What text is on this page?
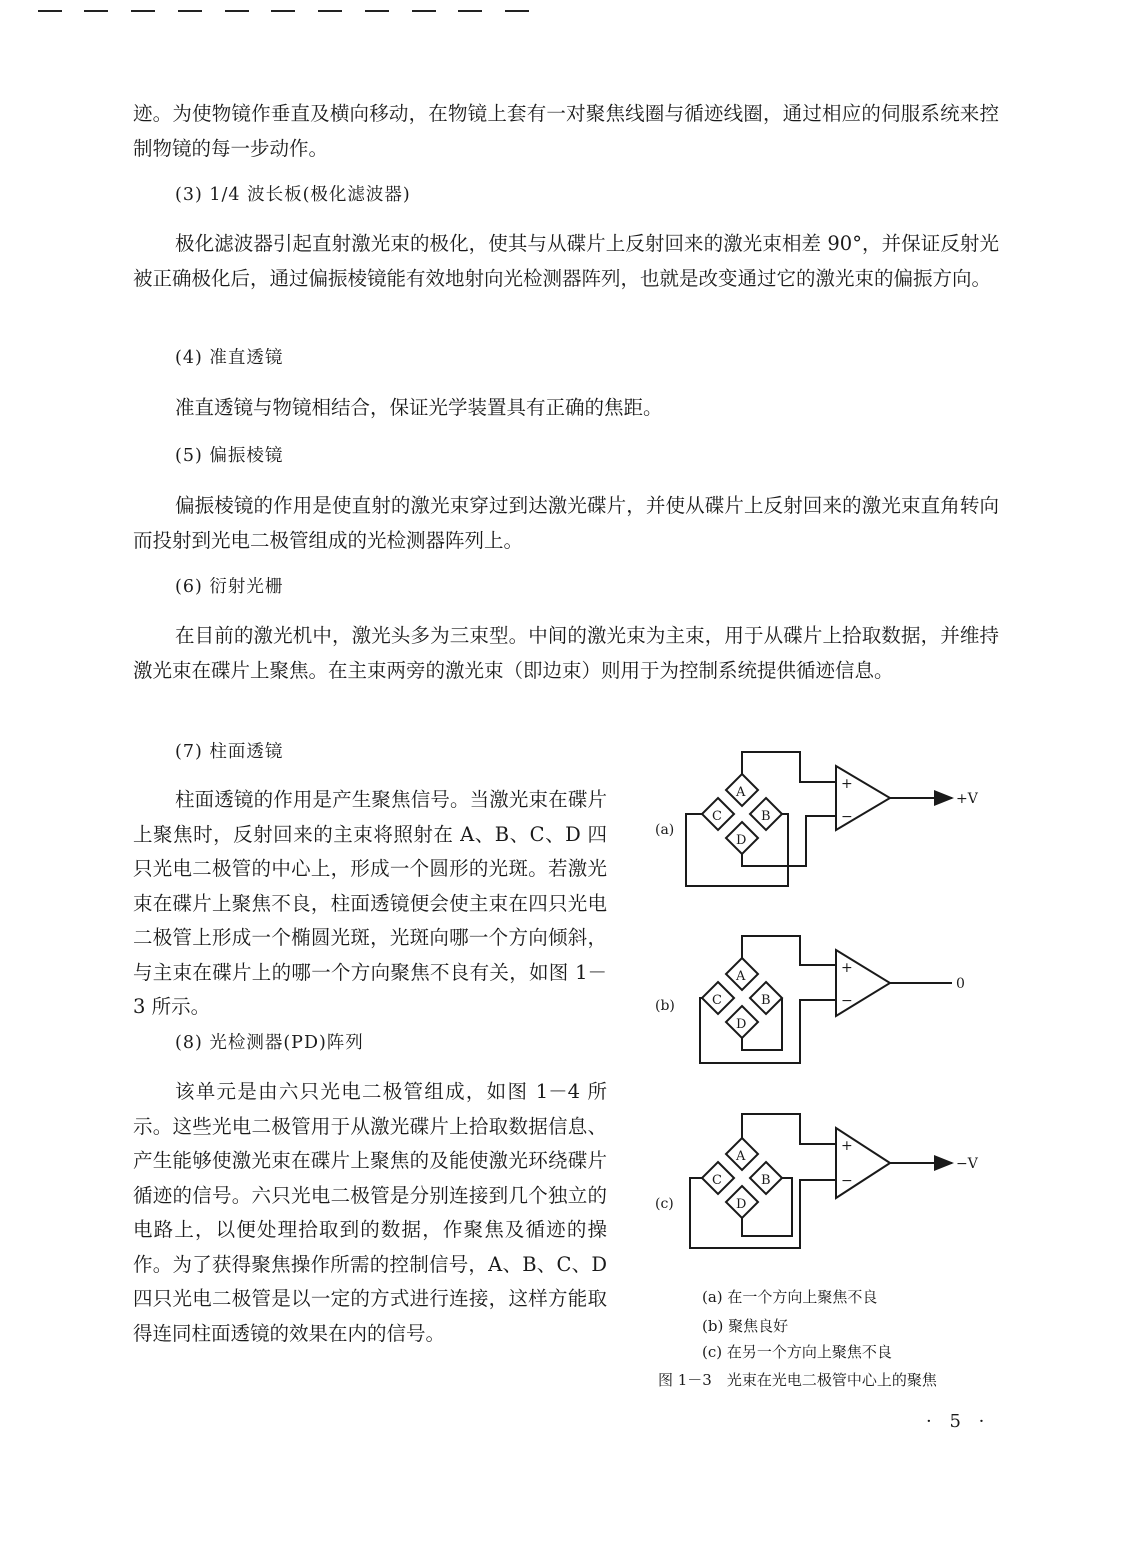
迹。为使物镜作垂直及横向移动，在物镜上套有一对聚焦线圈与循迹线圈，通过相应的伺服系统来控制物镜的每一步动作。

(3) 1/4 波长板(极化滤波器)

极化滤波器引起直射激光束的极化，使其与从碟片上反射回来的激光束相差 90°，并保证反射光被正确极化后，通过偏振棱镜能有效地射向光检测器阵列，也就是改变通过它的激光束的偏振方向。

(4) 准直透镜

准直透镜与物镜相结合，保证光学装置具有正确的焦距。

(5) 偏振棱镜

偏振棱镜的作用是使直射的激光束穿过到达激光碟片，并使从碟片上反射回来的激光束直角转向而投射到光电二极管组成的光检测器阵列上。

(6) 衍射光栅

在目前的激光机中，激光头多为三束型。中间的激光束为主束，用于从碟片上拾取数据，并维持激光束在碟片上聚焦。在主束两旁的激光束（即边束）则用于为控制系统提供循迹信息。

(7) 柱面透镜

柱面透镜的作用是产生聚焦信号。当激光束在碟片上聚焦时，反射回来的主束将照射在 A、B、C、D 四只光电二极管的中心上，形成一个圆形的光斑。若激光束在碟片上聚焦不良，柱面透镜便会使主束在四只光电二极管上形成一个椭圆光斑，光斑向哪一个方向倾斜，与主束在碟片上的哪一个方向聚焦不良有关，如图 1－3 所示。

(8) 光检测器(PD)阵列

该单元是由六只光电二极管组成，如图 1－4 所示。这些光电二极管用于从激光碟片上拾取数据信息、产生能够使激光束在碟片上聚焦的及能使激光环绕碟片循迹的信号。六只光电二极管是分别连接到几个独立的电路上，以便处理拾取到的数据，作聚焦及循迹的操作。为了获得聚焦操作所需的控制信号，A、B、C、D 四只光电二极管是以一定的方式进行连接，这样方能取得连同柱面透镜的效果在内的信号。

A
B
C
D
A
B
C
D
A
B
C
D
+
−
+
−
+
−
+V
0
−V
(a)
(b)
(c)

(a) 在一个方向上聚焦不良

(b) 聚焦良好

(c) 在另一个方向上聚焦不良

图 1－3　光束在光电二极管中心上的聚焦

· 5 ·
